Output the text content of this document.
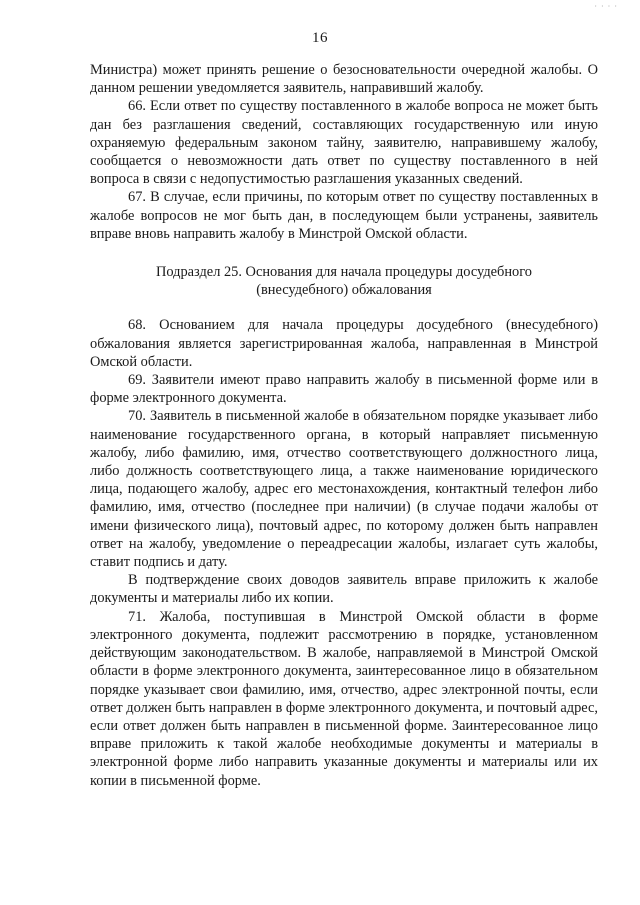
· · · ·
16

Министра) может принять решение о безосновательности очередной жалобы. О данном решении уведомляется заявитель, направивший жалобу.

66. Если ответ по существу поставленного в жалобе вопроса не может быть дан без разглашения сведений, составляющих государственную или иную охраняемую федеральным законом тайну, заявителю, направившему жалобу, сообщается о невозможности дать ответ по существу поставленного в ней вопроса в связи с недопустимостью разглашения указанных сведений.

67. В случае, если причины, по которым ответ по существу поставленных в жалобе вопросов не мог быть дан, в последующем были устранены, заявитель вправе вновь направить жалобу в Минстрой Омской области.

Подраздел 25. Основания для начала процедуры досудебного
(внесудебного) обжалования

68. Основанием для начала процедуры досудебного (внесудебного) обжалования является зарегистрированная жалоба, направленная в Минстрой Омской области.

69. Заявители имеют право направить жалобу в письменной форме или в форме электронного документа.

70. Заявитель в письменной жалобе в обязательном порядке указывает либо наименование государственного органа, в который направляет письменную жалобу, либо фамилию, имя, отчество соответствующего должностного лица, либо должность соответствующего лица, а также наименование юридического лица, подающего жалобу, адрес его местонахождения, контактный телефон либо фамилию, имя, отчество (последнее при наличии) (в случае подачи жалобы от имени физического лица), почтовый адрес, по которому должен быть направлен ответ на жалобу, уведомление о переадресации жалобы, излагает суть жалобы, ставит подпись и дату.

В подтверждение своих доводов заявитель вправе приложить к жалобе документы и материалы либо их копии.

71. Жалоба, поступившая в Минстрой Омской области в форме электронного документа, подлежит рассмотрению в порядке, установленном действующим законодательством. В жалобе, направляемой в Минстрой Омской области в форме электронного документа, заинтересованное лицо в обязательном порядке указывает свои фамилию, имя, отчество, адрес электронной почты, если ответ должен быть направлен в форме электронного документа, и почтовый адрес, если ответ должен быть направлен в письменной форме. Заинтересованное лицо вправе приложить к такой жалобе необходимые документы и материалы в электронной форме либо направить указанные документы и материалы или их копии в письменной форме.
